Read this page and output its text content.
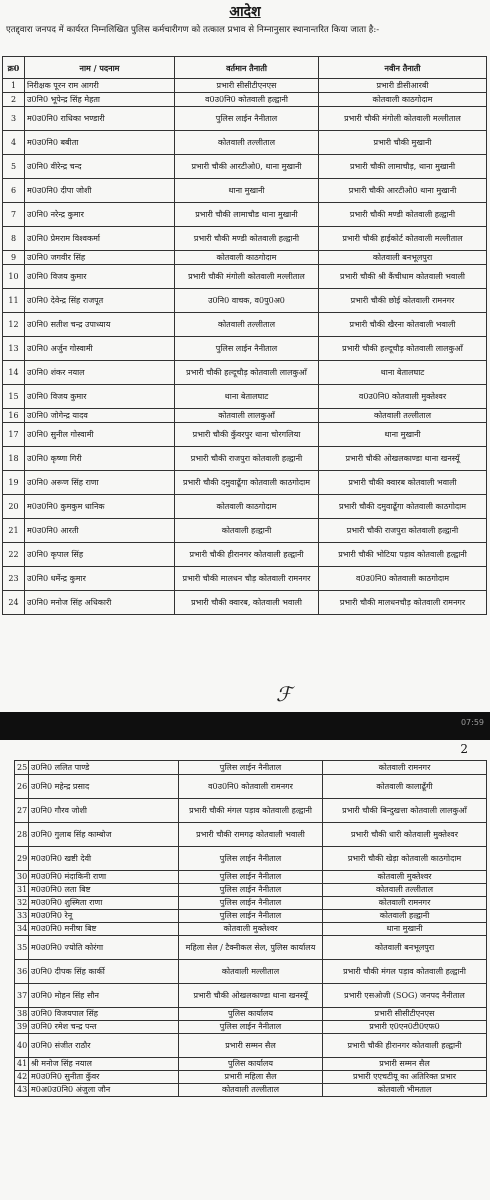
आदेश
एतद्द्वारा जनपद में कार्यरत निम्नलिखित पुलिस कर्मचारीगण को तत्काल प्रभाव से निम्नानुसार स्थानान्तरित किया जाता है:-
क्र0	नाम / पदनाम	वर्तमान तैनाती	नवीन तैनाती
1	निरीक्षक पूरन राम आगरी	प्रभारी सीसीटीएनएस	प्रभारी डीसीआरबी
2	उ0नि0 भूपेन्द्र सिंह मेहता	व0उ0नि0 कोतवाली हल्द्वानी	कोतवाली काठगोदाम
3	म0उ0नि0 राधिका भण्डारी	पुलिस लाईन नैनीताल	प्रभारी चौकी मंगोली कोतवाली मल्लीताल
4	म0उ0नि0 बबीता	कोतवाली तल्लीताल	प्रभारी चौकी मुखानी
5	उ0नि0 वीरेन्द्र चन्द	प्रभारी चौकी आरटीओ0, थाना मुखानी	प्रभारी चौकी लामाचौड़, थाना मुखानी
6	म0उ0नि0 दीपा जोशी	थाना मुखानी	प्रभारी चौकी आरटीओ0 थाना मुखानी
7	उ0नि0 नरेन्द्र कुमार	प्रभारी चौकी लामाचौड थाना मुखानी	प्रभारी चौकी मण्डी कोतवाली हल्द्वानी
8	उ0नि0 प्रेमराम विश्वकर्मा	प्रभारी चौकी मण्डी कोतवाली हल्द्वानी	प्रभारी चौकी हाईकोर्ट कोतवाली मल्लीताल
9	उ0नि0 जगवीर सिंह	कोतवाली काठगोदाम	कोतवाली बनभूलपुरा
10	उ0नि0 विजय कुमार	प्रभारी चौकी मंगोली कोतवाली मल्लीताल	प्रभारी चौकी श्री कैंचीधाम कोतवाली भवाली
11	उ0नि0 देवेन्द्र सिंह राजपूत	उ0नि0 वाचक, व0पु0अ0	प्रभारी चौकी छोई कोतवाली रामनगर
12	उ0नि0 सतीश चन्द्र उपाध्याय	कोतवाली तल्लीताल	प्रभारी चौकी खैरना कोतवाली भवाली
13	उ0नि0 अर्जुन गोस्वामी	पुलिस लाईन नैनीताल	प्रभारी चौकी हल्दूचौड़ कोतवाली लालकुआँ
14	उ0नि0 शंकर नयाल	प्रभारी चौकी हल्दूचौड़ कोतवाली लालकुआँ	थाना बेतालघाट
15	उ0नि0 विजय कुमार	थाना बेतालघाट	व0उ0नि0 कोतवाली मुक्तेश्वर
16	उ0नि0 जोगेन्द्र यादव	कोतवाली लालकुआँ	कोतवाली तल्लीताल
17	उ0नि0 सुनील गोस्वामी	प्रभारी चौकी कुँवरपुर थाना चोरगलिया	थाना मुखानी
18	उ0नि0 कृष्णा गिरी	प्रभारी चौकी राजपुरा कोतवाली हल्द्वानी	प्रभारी चौकी ओखलकाण्डा थाना खनस्यूँ
19	उ0नि0 अरूण सिंह राणा	प्रभारी चौकी दमुवाढूँगा कोतवाली काठगोदाम	प्रभारी चौकी क्वारब कोतवाली भवाली
20	म0उ0नि0 कुमकुम धानिक	कोतवाली काठगोदाम	प्रभारी चौकी दमुवाढूँगा कोतवाली काठगोदाम
21	म0उ0नि0 आरती	कोतवाली हल्द्वानी	प्रभारी चौकी राजपुरा कोतवाली हल्द्वानी
22	उ0नि0 कृपाल सिंह	प्रभारी चौकी हीरानगर कोतवाली हल्द्वानी	प्रभारी चौकी भोटिया पड़ाव कोतवाली हल्द्वानी
23	उ0नि0 धर्मेन्द्र कुमार	प्रभारी चौकी मालधन चौड़ कोतवाली रामनगर	व0उ0नि0 कोतवाली काठगोदाम
24	उ0नि0 मनोज सिंह अधिकारी	प्रभारी चौकी क्वारब, कोतवाली भवाली	प्रभारी चौकी मालधनचौड़ कोतवाली रामनगर
ℱ
07:59
2
25	उ0नि0 ललित पाण्डे	पुलिस लाईन नैनीताल	कोतवाली रामनगर
26	उ0नि0 महेन्द्र प्रसाद	व0उ0नि0 कोतवाली रामनगर	कोतवाली कालाढूँगी
27	उ0नि0 गौरव जोशी	प्रभारी चौकी मंगल पड़ाव कोतवाली हल्द्वानी	प्रभारी चौकी बिन्दुखत्ता कोतवाली लालकुआँ
28	उ0नि0 गुलाब सिंह काम्बोज	प्रभारी चौकी रामगढ़ कोतवाली भवाली	प्रभारी चौकी धारी कोतवाली मुक्तेश्वर
29	म0उ0नि0 खष्टी देवी	पुलिस लाईन नैनीताल	प्रभारी चौकी खेड़ा कोतवाली काठगोदाम
30	म0उ0नि0 मंदाकिनी राणा	पुलिस लाईन नैनीताल	कोतवाली मुक्तेश्वर
31	म0उ0नि0 लता बिष्ट	पुलिस लाईन नैनीताल	कोतवाली तल्लीताल
32	म0उ0नि0 शुस्मिता राणा	पुलिस लाईन नैनीताल	कोतवाली रामनगर
33	म0उ0नि0 रेनू	पुलिस लाईन नैनीताल	कोतवाली हल्द्वानी
34	म0उ0नि0 मनीषा बिष्ट	कोतवाली मुक्तेश्वर	थाना मुखानी
35	म0उ0नि0 ज्योति कोरंगा	महिला सेल / टैक्नीकल सेल, पुलिस कार्यालय	कोतवाली बनभूलपुरा
36	उ0नि0 दीपक सिंह कार्की	कोतवाली मल्लीताल	प्रभारी चौकी मंगल पड़ाव कोतवाली हल्द्वानी
37	उ0नि0 मोहन सिंह सौन	प्रभारी चौकी ओखलकाण्डा थाना खनस्यूँ	प्रभारी एसओजी (SOG) जनपद नैनीताल
38	उ0नि0 विजयपाल सिंह	पुलिस कार्यालय	प्रभारी सीसीटीएनएस
39	उ0नि0 रमेश चन्द्र पन्त	पुलिस लाईन नैनीताल	प्रभारी ए0एन0टी0एफ0
40	उ0नि0 संजीत राठौर	प्रभारी सम्मन सैल	प्रभारी चौकी हीरानगर कोतवाली हल्द्वानी
41	श्री मनोज सिंह नयाल	पुलिस कार्यालय	प्रभारी सम्मन सैल
42	म0उ0नि0 सुनीता कुँवर	प्रभारी महिला सैल	प्रभारी एएचटीयू का अतिरिक्त प्रभार
43	म0अ0उ0नि0 अंजुला जौन	कोतवाली तल्लीताल	कोतवाली भीमताल
